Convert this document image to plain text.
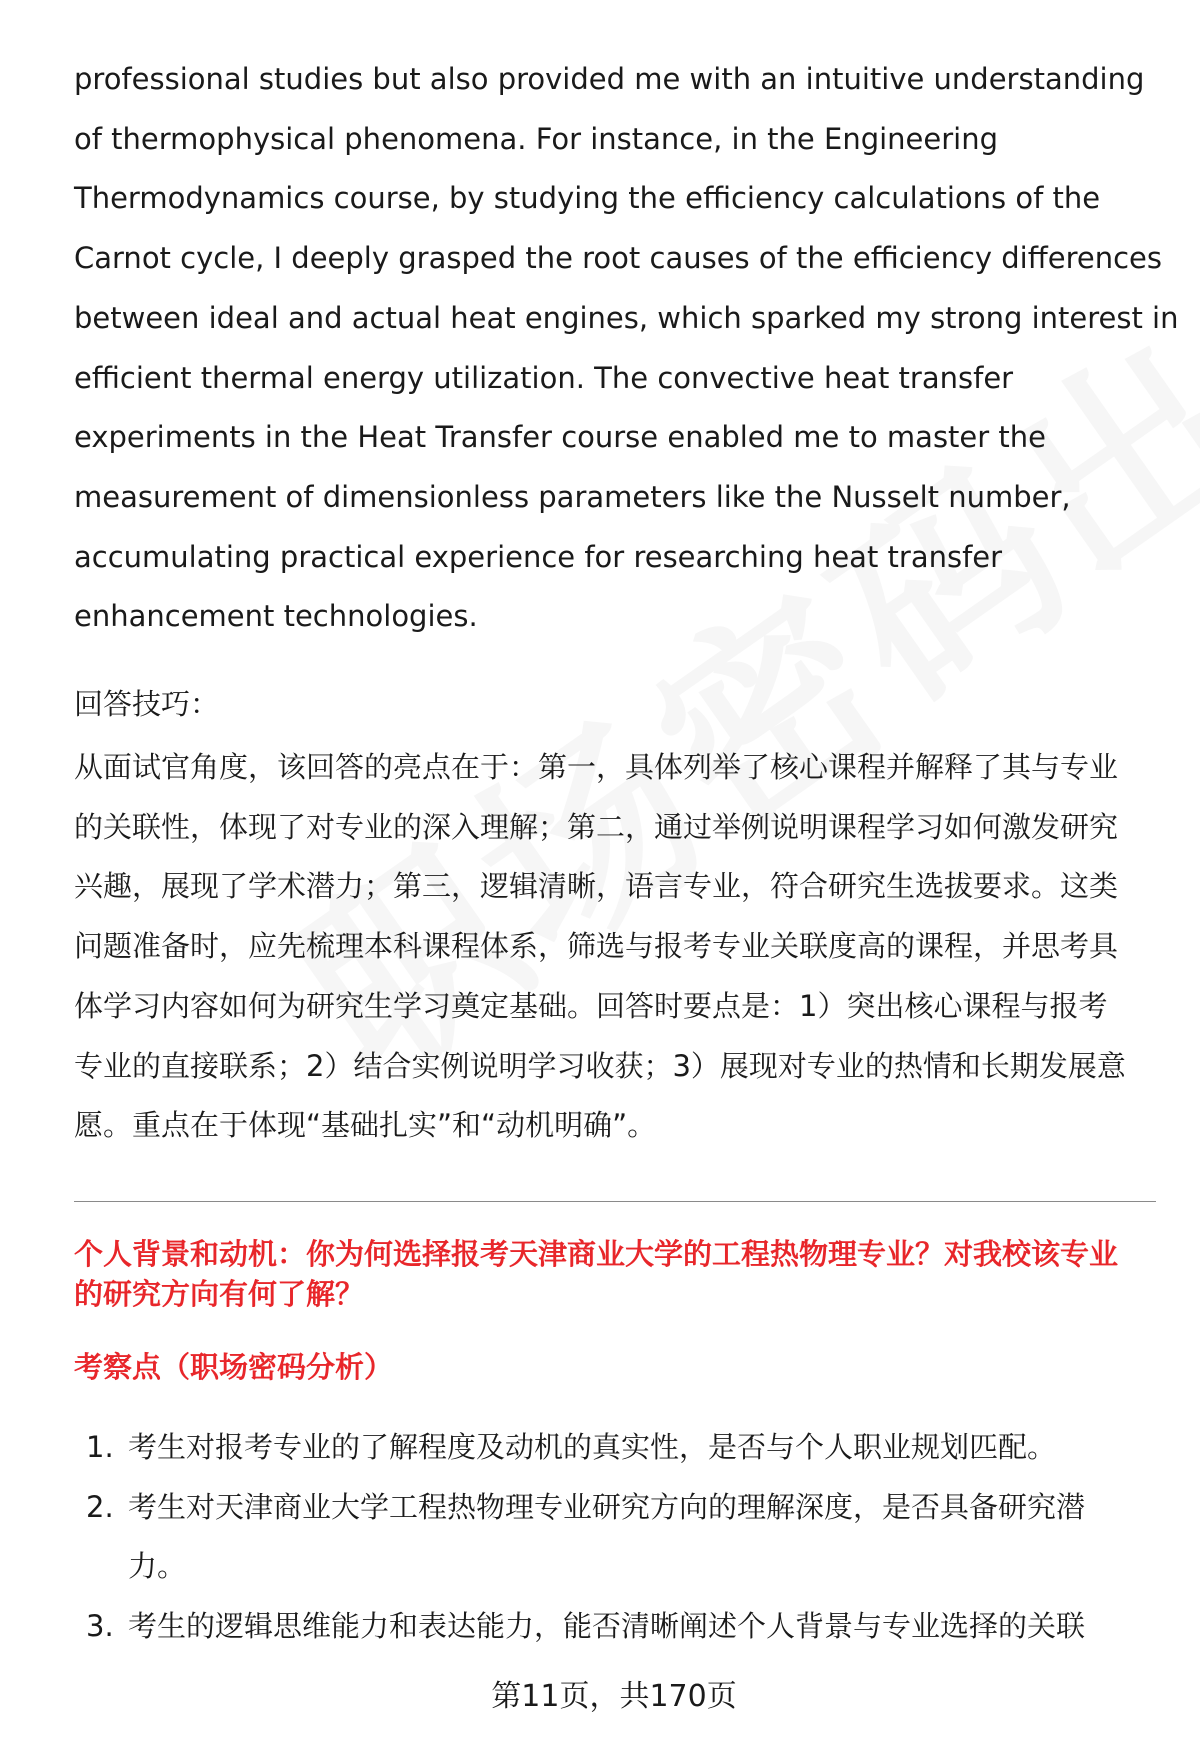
professional studies but also provided me with an intuitive understanding
of thermophysical phenomena. For instance, in the Engineering
Thermodynamics course, by studying the efficiency calculations of the
Carnot cycle, I deeply grasped the root causes of the efficiency differences
between ideal and actual heat engines, which sparked my strong interest in
efficient thermal energy utilization. The convective heat transfer
experiments in the Heat Transfer course enabled me to master the
measurement of dimensionless parameters like the Nusselt number,
accumulating practical experience for researching heat transfer
enhancement technologies.

回答技巧：

从面试官角度，该回答的亮点在于：第一，具体列举了核心课程并解释了其与专业
的关联性，体现了对专业的深入理解；第二，通过举例说明课程学习如何激发研究
兴趣，展现了学术潜力；第三，逻辑清晰，语言专业，符合研究生选拔要求。这类
问题准备时，应先梳理本科课程体系，筛选与报考专业关联度高的课程，并思考具
体学习内容如何为研究生学习奠定基础。回答时要点是：1）突出核心课程与报考
专业的直接联系；2）结合实例说明学习收获；3）展现对专业的热情和长期发展意
愿。重点在于体现“基础扎实”和“动机明确”。

个人背景和动机：你为何选择报考天津商业大学的工程热物理专业？对我校该专业
的研究方向有何了解？
考察点（职场密码分析）
1. 考生对报考专业的了解程度及动机的真实性，是否与个人职业规划匹配。
2. 考生对天津商业大学工程热物理专业研究方向的理解深度，是否具备研究潜
力。
3. 考生的逻辑思维能力和表达能力，能否清晰阐述个人背景与专业选择的关联

第11页，共170页
